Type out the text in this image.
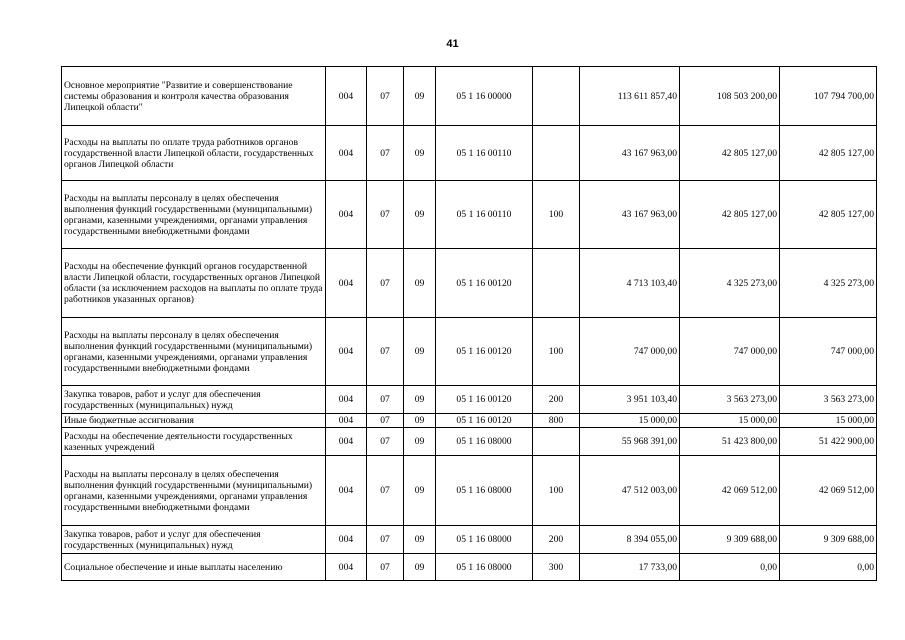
41
Основное мероприятие "Развитие и совершенствование системы образования и контроля качества образования Липецкой области"	004	07	09	05 1 16 00000		113 611 857,40	108 503 200,00	107 794 700,00
Расходы на выплаты по оплате труда работников органов государственной власти Липецкой области, государственных органов Липецкой области	004	07	09	05 1 16 00110		43 167 963,00	42 805 127,00	42 805 127,00
Расходы на выплаты персоналу в целях обеспечения выполнения функций государственными (муниципальными) органами, казенными учреждениями, органами управления государственными внебюджетными фондами	004	07	09	05 1 16 00110	100	43 167 963,00	42 805 127,00	42 805 127,00
Расходы на обеспечение функций органов государственной власти Липецкой области, государственных органов Липецкой области (за исключением расходов на выплаты по оплате труда работников указанных органов)	004	07	09	05 1 16 00120		4 713 103,40	4 325 273,00	4 325 273,00
Расходы на выплаты персоналу в целях обеспечения выполнения функций государственными (муниципальными) органами, казенными учреждениями, органами управления государственными внебюджетными фондами	004	07	09	05 1 16 00120	100	747 000,00	747 000,00	747 000,00
Закупка товаров, работ и услуг для обеспечения государственных (муниципальных) нужд	004	07	09	05 1 16 00120	200	3 951 103,40	3 563 273,00	3 563 273,00
Иные бюджетные ассигнования	004	07	09	05 1 16 00120	800	15 000,00	15 000,00	15 000,00
Расходы на обеспечение деятельности государственных казенных учреждений	004	07	09	05 1 16 08000		55 968 391,00	51 423 800,00	51 422 900,00
Расходы на выплаты персоналу в целях обеспечения выполнения функций государственными (муниципальными) органами, казенными учреждениями, органами управления государственными внебюджетными фондами	004	07	09	05 1 16 08000	100	47 512 003,00	42 069 512,00	42 069 512,00
Закупка товаров, работ и услуг для обеспечения государственных (муниципальных) нужд	004	07	09	05 1 16 08000	200	8 394 055,00	9 309 688,00	9 309 688,00
Социальное обеспечение и иные выплаты населению	004	07	09	05 1 16 08000	300	17 733,00	0,00	0,00
